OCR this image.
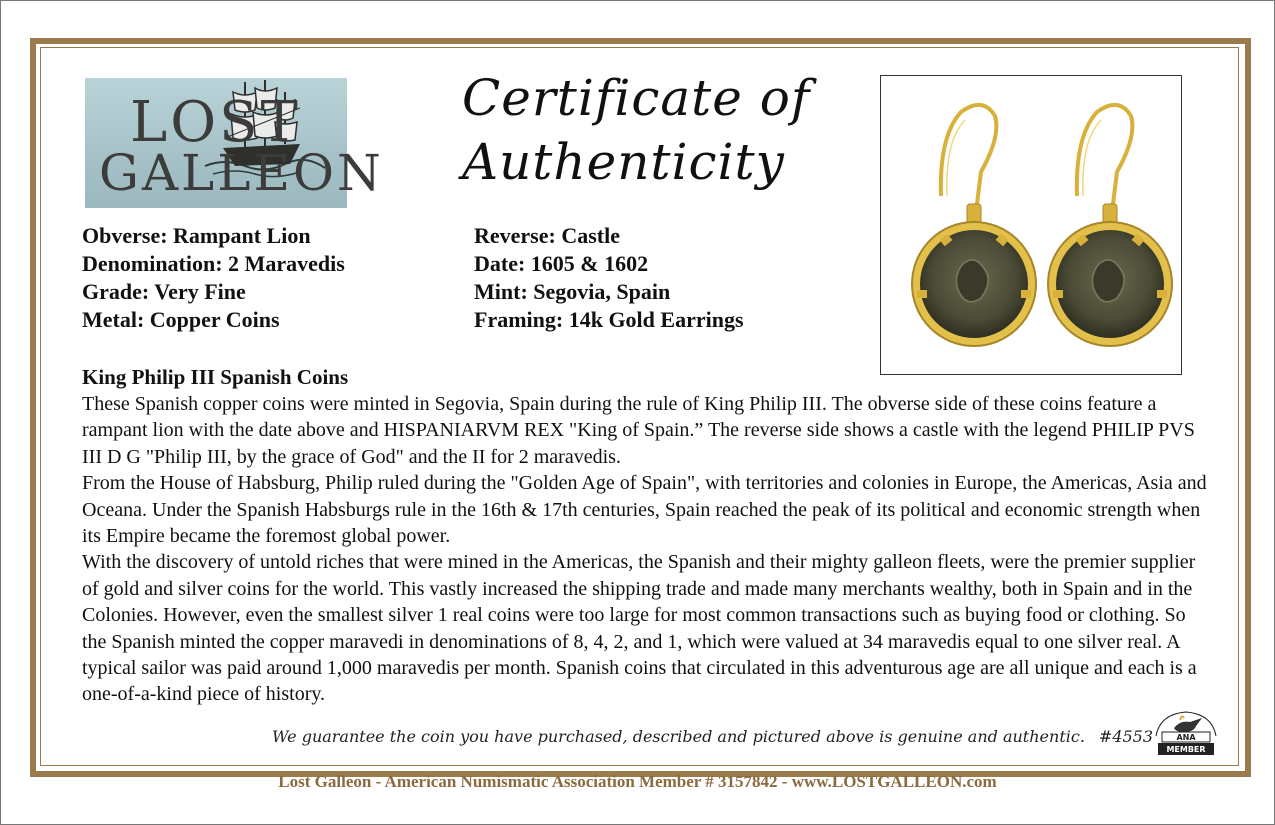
LOST
GALLEON
Certificate of
Authenticity
Obverse: Rampant Lion
Denomination: 2 Maravedis
Grade: Very Fine
Metal: Copper Coins
Reverse: Castle
Date: 1605 & 1602
Mint: Segovia, Spain
Framing: 14k Gold Earrings
King Philip III Spanish Coins

These Spanish copper coins were minted in Segovia, Spain during the rule of King Philip III. The obverse side of these coins feature a rampant lion with the date above and HISPANIARVM REX "King of Spain.” The reverse side shows a castle with the legend PHILIP PVS III D G "Philip III, by the grace of God" and the II for 2 maravedis.

From the House of Habsburg, Philip ruled during the "Golden Age of Spain", with territories and colonies in Europe, the Americas, Asia and Oceana. Under the Spanish Habsburgs rule in the 16th & 17th centuries, Spain reached the peak of its political and economic strength when its Empire became the foremost global power.

With the discovery of untold riches that were mined in the Americas, the Spanish and their mighty galleon fleets, were the premier supplier of gold and silver coins for the world. This vastly increased the shipping trade and made many merchants wealthy, both in Spain and in the Colonies. However, even the smallest silver 1 real coins were too large for most common transactions such as buying food or clothing. So the Spanish minted the copper maravedi in denominations of 8, 4, 2, and 1, which were valued at 34 maravedis equal to one silver real. A typical sailor was paid around 1,000 maravedis per month. Spanish coins that circulated in this adventurous age are all unique and each is a one-of-a-kind piece of history.

We guarantee the coin you have purchased, described and pictured above is genuine and authentic. #4553	ANA
MEMBER
Lost Galleon - American Numismatic Association Member # 3157842 - www.LOSTGALLEON.com
